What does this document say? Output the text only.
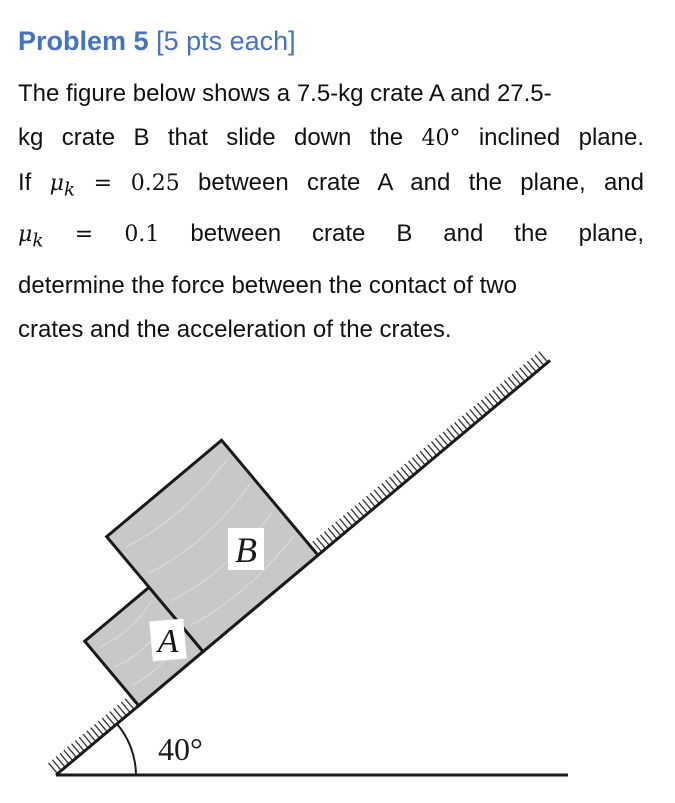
Problem 5 [5 pts each]
The figure below shows a 7.5-kg crate A and 27.5-
kg crate B that slide down the 40° inclined plane.
If $\mu_k = 0.25$ between crate A and the plane, and
$\mu_k = 0.1$ between crate B and the plane,
determine the force between the contact of two
crates and the acceleration of the crates.
A
B
40°
